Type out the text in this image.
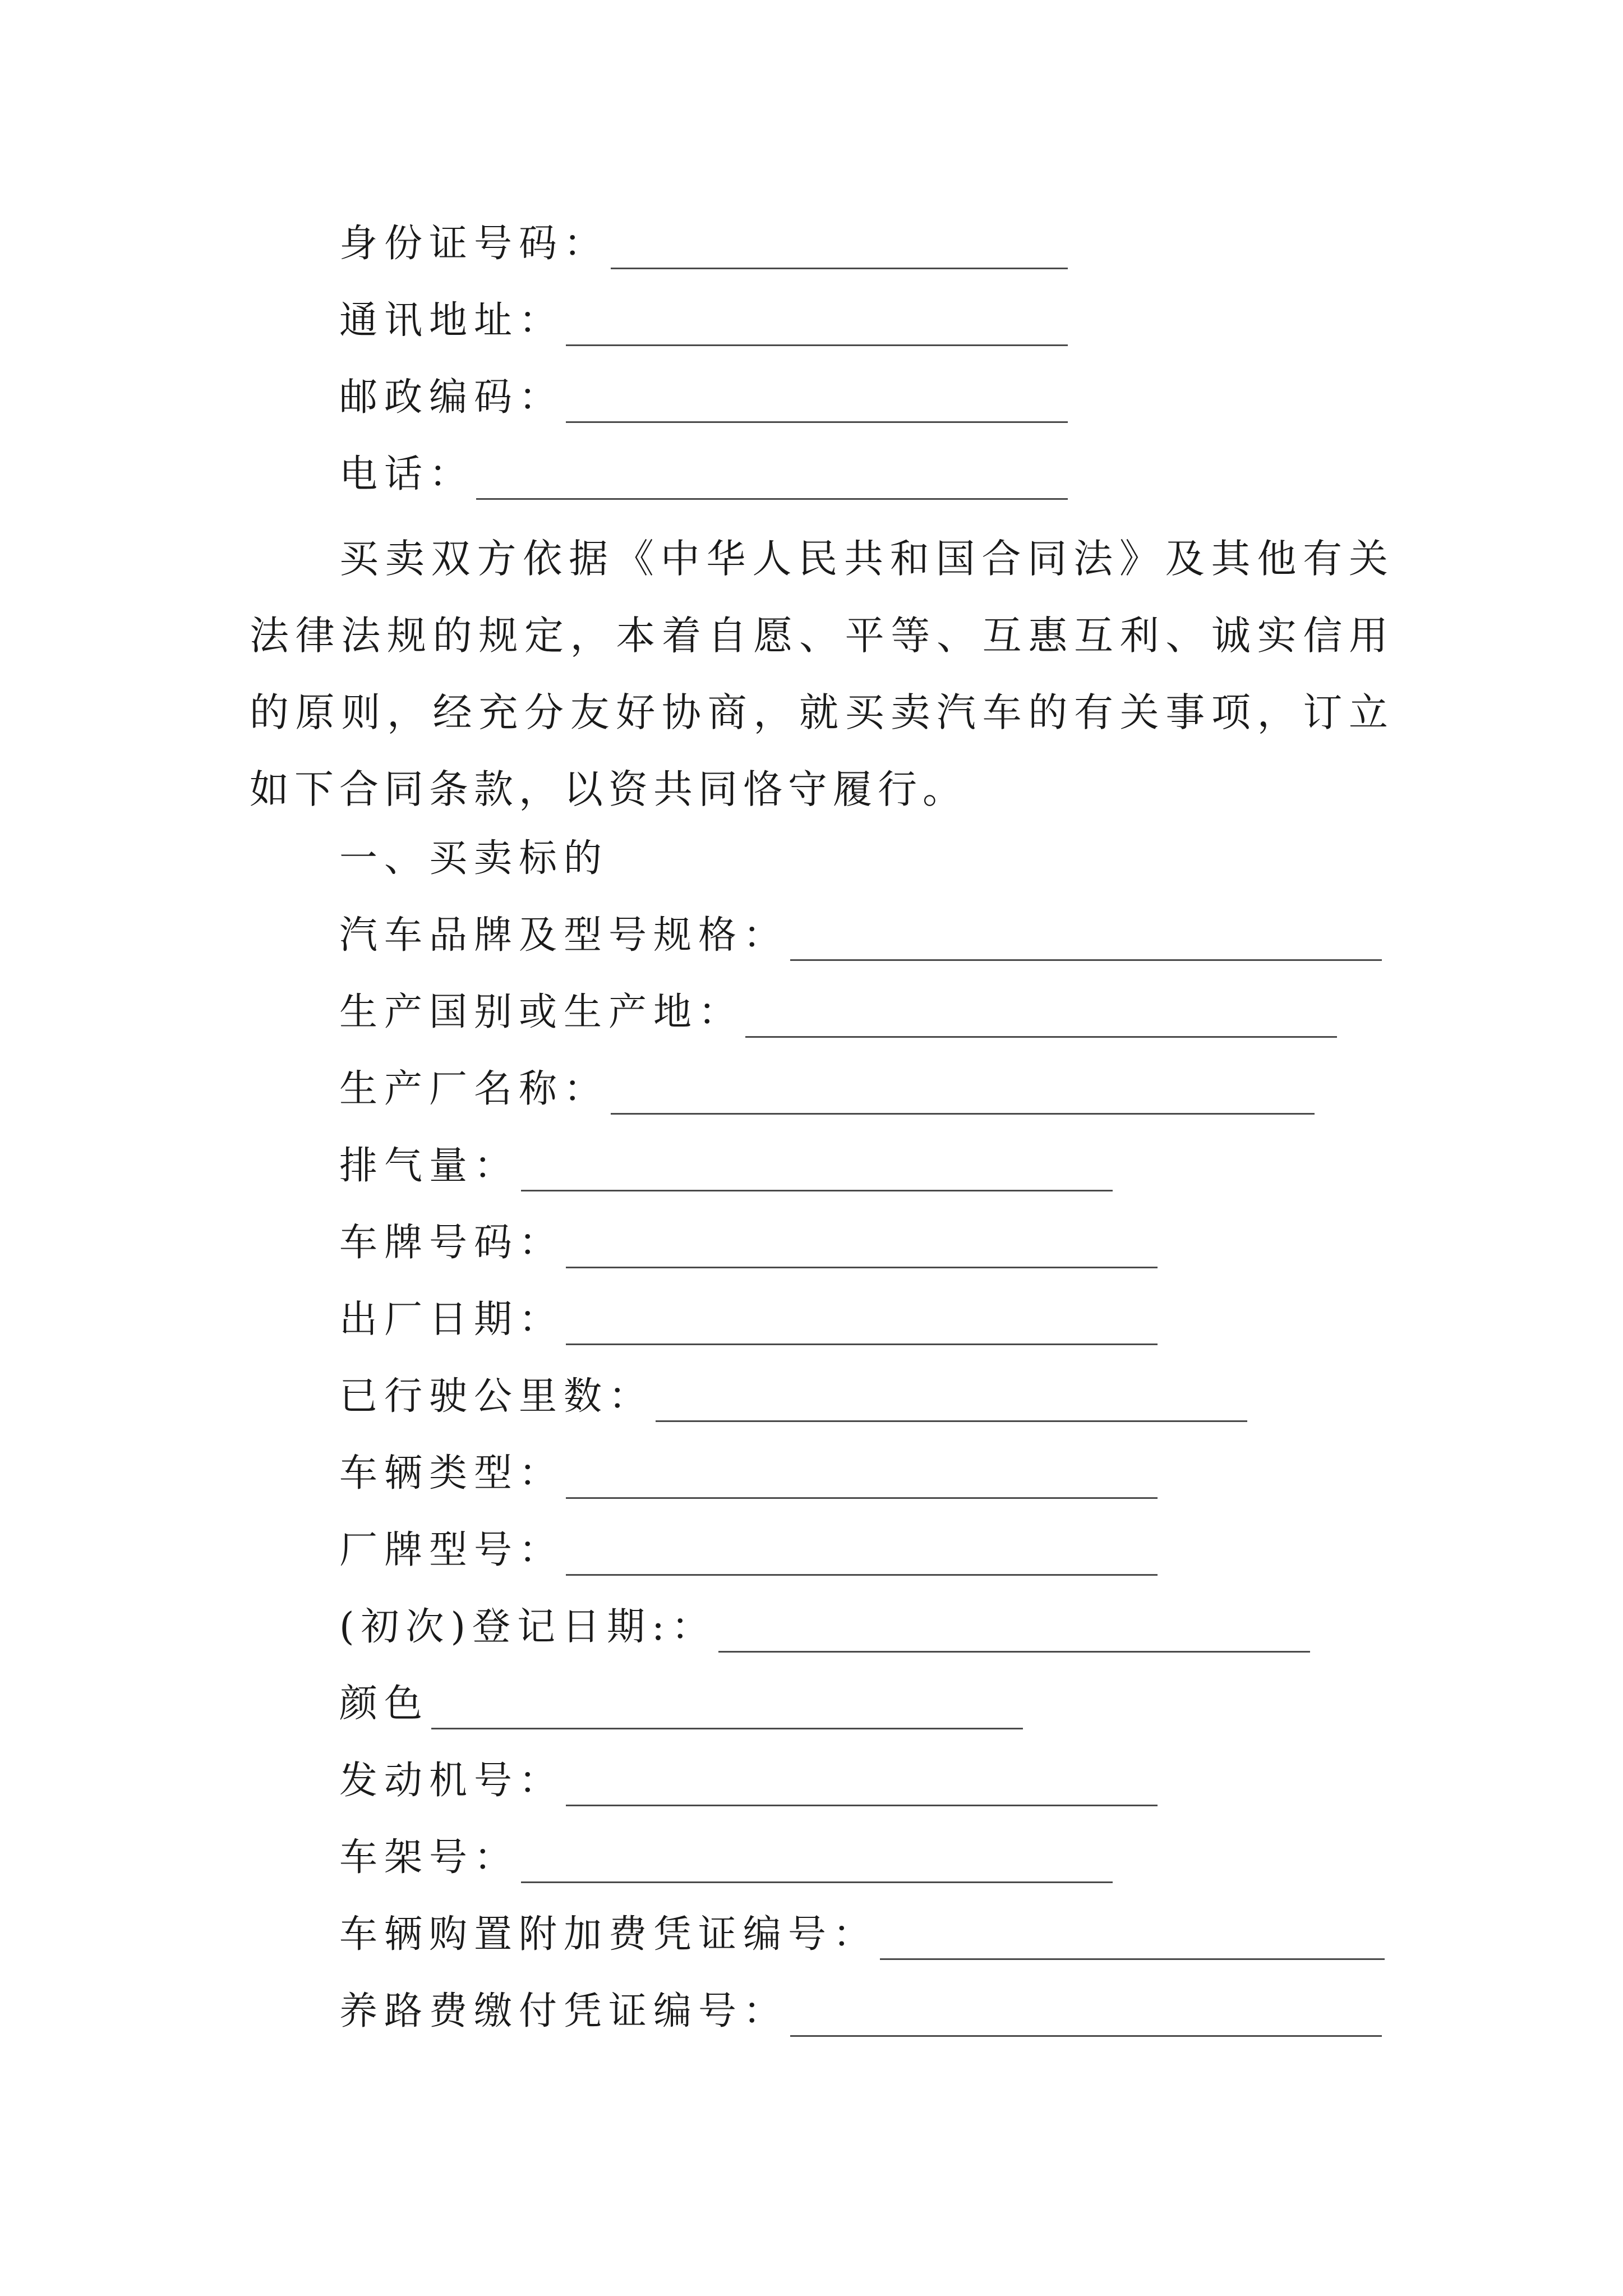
身份证号码：
通讯地址：
邮政编码：
电话：
买卖双方依据《中华人民共和国合同法》及其他有关法律法规的规定，本着自愿、平等、互惠互利、诚实信用的原则，经充分友好协商，就买卖汽车的有关事项，订立如下合同条款，以资共同恪守履行。
一、买卖标的
汽车品牌及型号规格：
生产国别或生产地：
生产厂名称：
排气量：
车牌号码：
出厂日期：
已行驶公里数：
车辆类型：
厂牌型号：
(初次)登记日期:：
颜色
发动机号：
车架号：
车辆购置附加费凭证编号：
养路费缴付凭证编号：
